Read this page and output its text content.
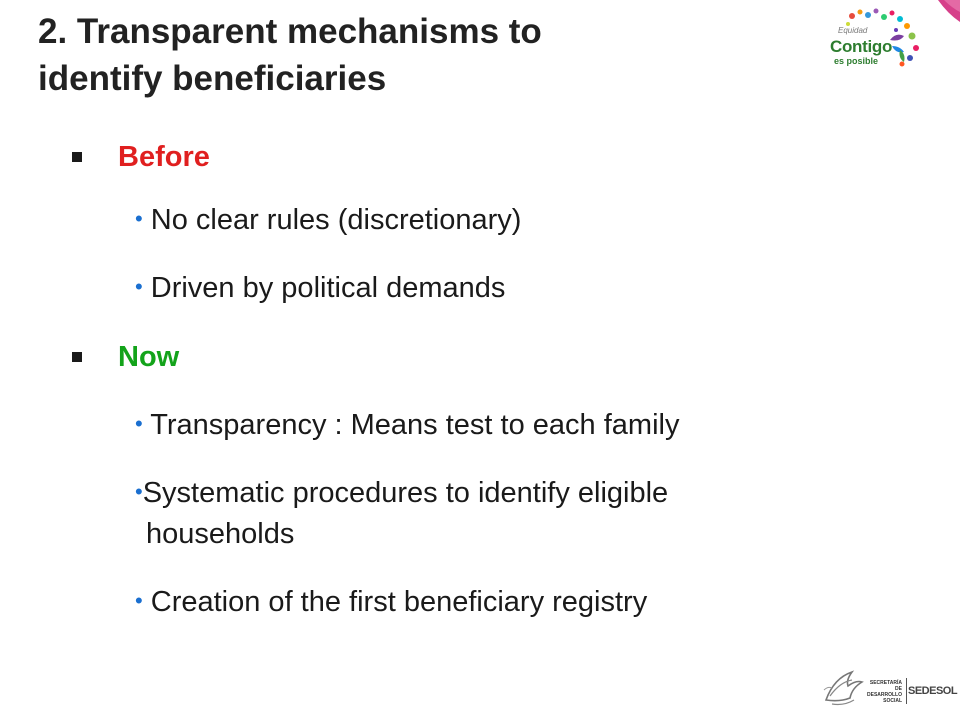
2. Transparent mechanisms to
identify beneficiaries
Equidad
Contigo
es posible
Before
• No clear rules (discretionary)
• Driven by political demands
Now
• Transparency : Means test to each family
•Systematic procedures to identify eligible
households
• Creation of the first beneficiary registry
SECRETARÍA DE
DESARROLLO
SOCIAL
SEDESOL
